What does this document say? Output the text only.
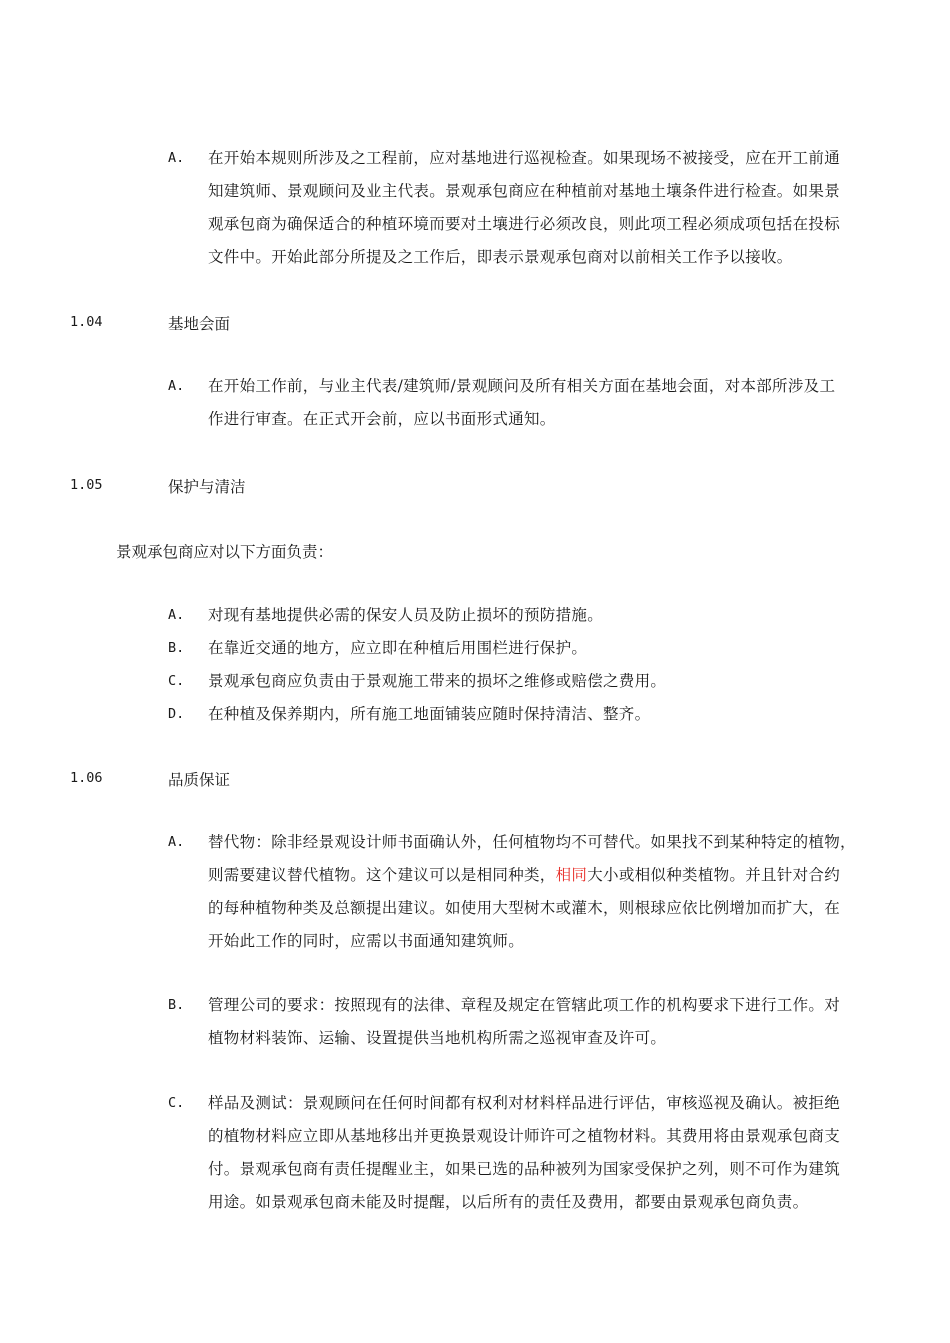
A. 在开始本规则所涉及之工程前，应对基地进行巡视检查。如果现场不被接受，应在开工前通

知建筑师、景观顾问及业主代表。景观承包商应在种植前对基地土壤条件进行检查。如果景

观承包商为确保适合的种植环境而要对土壤进行必须改良，则此项工程必须成项包括在投标

文件中。开始此部分所提及之工作后，即表示景观承包商对以前相关工作予以接收。

1.04	基地会面
A. 在开始工作前，与业主代表/建筑师/景观顾问及所有相关方面在基地会面，对本部所涉及工

作进行审查。在正式开会前，应以书面形式通知。

1.05	保护与清洁
景观承包商应对以下方面负责：
A. 对现有基地提供必需的保安人员及防止损坏的预防措施。
B. 在靠近交通的地方，应立即在种植后用围栏进行保护。
C. 景观承包商应负责由于景观施工带来的损坏之维修或赔偿之费用。
D. 在种植及保养期内，所有施工地面铺装应随时保持清洁、整齐。
1.06	品质保证
A. 替代物：除非经景观设计师书面确认外，任何植物均不可替代。如果找不到某种特定的植物，

则需要建议替代植物。这个建议可以是相同种类，相同大小或相似种类植物。并且针对合约

的每种植物种类及总额提出建议。如使用大型树木或灌木，则根球应依比例增加而扩大，在

开始此工作的同时，应需以书面通知建筑师。

B. 管理公司的要求：按照现有的法律、章程及规定在管辖此项工作的机构要求下进行工作。对

植物材料装饰、运输、设置提供当地机构所需之巡视审查及许可。

C. 样品及测试：景观顾问在任何时间都有权利对材料样品进行评估，审核巡视及确认。被拒绝

的植物材料应立即从基地移出并更换景观设计师许可之植物材料。其费用将由景观承包商支

付。景观承包商有责任提醒业主，如果已选的品种被列为国家受保护之列，则不可作为建筑

用途。如景观承包商未能及时提醒，以后所有的责任及费用，都要由景观承包商负责。
